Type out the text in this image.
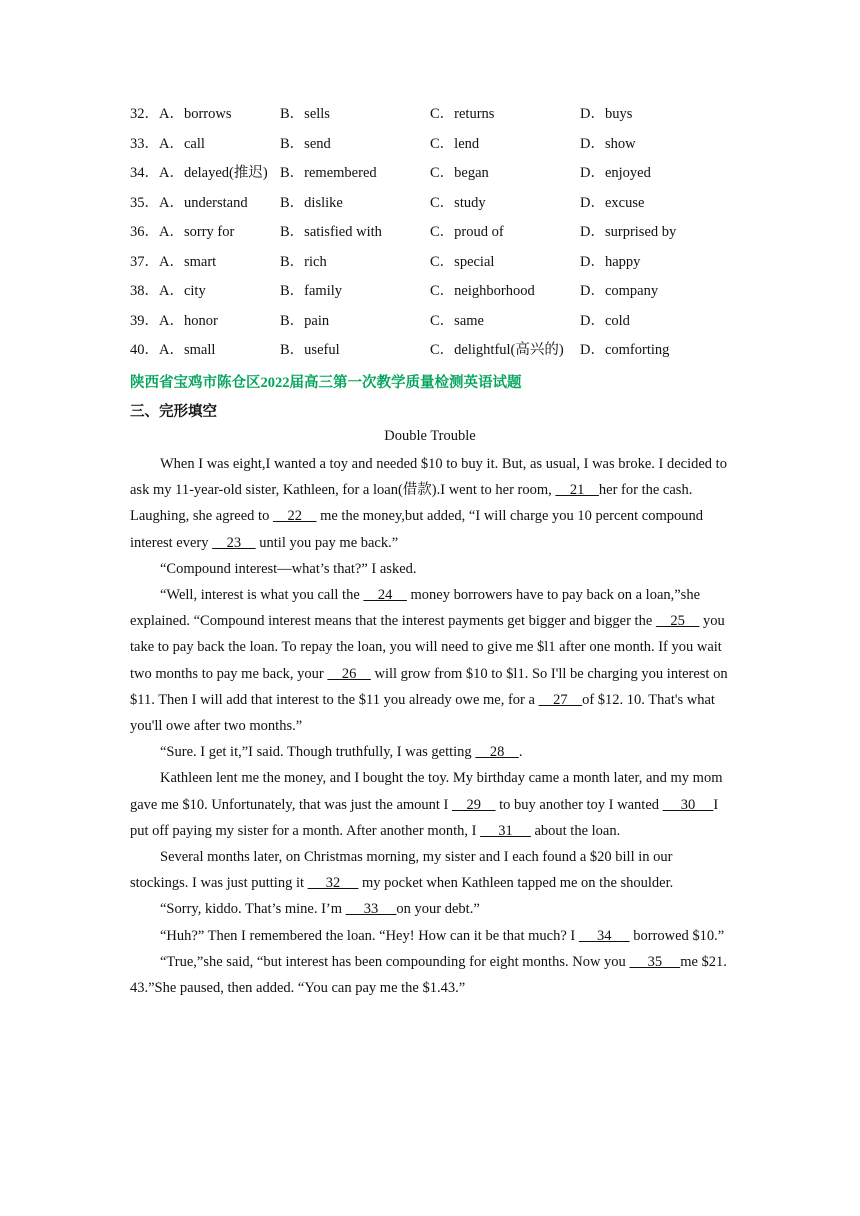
32．A．borrows	B．sells	C．returns	D．buys
33．A．call	B．send	C．lend	D．show
34．A．delayed(推迟) B．remembered	C．began	D．enjoyed
35．A．understand B．dislike	C．study	D．excuse
36．A．sorry for	B．satisfied with	C．proud of	D．surprised by
37．A．smart	B．rich	C．special	D．happy
38．A．city	B．family	C．neighborhood	D．company
39．A．honor	B．pain	C．same	D．cold
40．A．small	B．useful	C．delightful(高兴的) D．comforting
陕西省宝鸡市陈仓区2022届高三第一次教学质量检测英语试题
三、完形填空
Double Trouble

When I was eight,I wanted a toy and needed $10 to buy it. But, as usual, I was broke. I decided to ask my 11-year-old sister, Kathleen, for a loan(借款).I went to her room,     21    her for the cash. Laughing, she agreed to     22     me the money,but added, “I will charge you 10 percent compound interest every     23     until you pay me back.”

“Compound interest—what’s that?” I asked.

“Well, interest is what you call the     24     money borrowers have to pay back on a loan,”she explained. “Compound interest means that the interest payments get bigger and bigger the     25     you take to pay back the loan. To repay the loan, you will need to give me $l1 after one month. If you wait two months to pay me back, your     26     will grow from $10 to $l1. So I'll be charging you interest on $11. Then I will add that interest to the $11 you already owe me, for a     27    of $12. 10. That's what you'll owe after two months.”

“Sure. I get it,”I said. Though truthfully, I was getting     28    .

Kathleen lent me the money, and I bought the toy. My birthday came a month later, and my mom gave me $10. Unfortunately, that was just the amount I     29     to buy another toy I wanted      30     I put off paying my sister for a month. After another month, I      31      about the loan.

Several months later, on Christmas morning, my sister and I each found a $20 bill in our stockings. I was just putting it      32      my pocket when Kathleen tapped me on the shoulder.

“Sorry, kiddo. That’s mine. I’m      33     on your debt.”

“Huh?” Then I remembered the loan. “Hey! How can it be that much? I      34      borrowed $10.”

“True,”she said, “but interest has been compounding for eight months. Now you      35     me $21. 43.”She paused, then added. “You can pay me the $1.43.”
